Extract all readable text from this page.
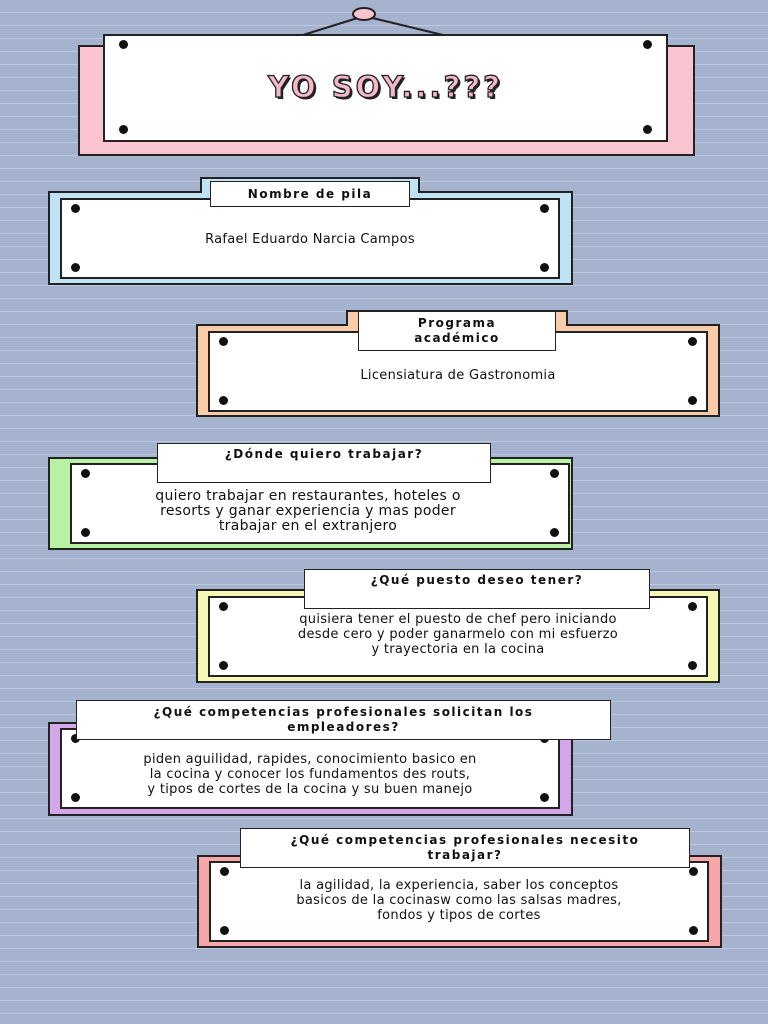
YO SOY...???
Nombre de pila
Rafael Eduardo Narcia Campos
Programa
académico
Licensiatura de Gastronomia
¿Dónde quiero trabajar?
quiero trabajar en restaurantes, hoteles o
resorts y ganar experiencia y mas poder
trabajar en el extranjero
¿Qué puesto deseo tener?
quisiera tener el puesto de chef pero iniciando
desde cero y poder ganarmelo con mi esfuerzo
y trayectoria en la cocina
¿Qué competencias profesionales solicitan los
empleadores?
piden aguilidad, rapides, conocimiento basico en
la cocina y conocer los fundamentos des routs,
y tipos de cortes de la cocina y su buen manejo
¿Qué competencias profesionales necesito
trabajar?
la agilidad, la experiencia, saber los conceptos
basicos de la cocinasw como las salsas madres,
fondos y tipos de cortes
